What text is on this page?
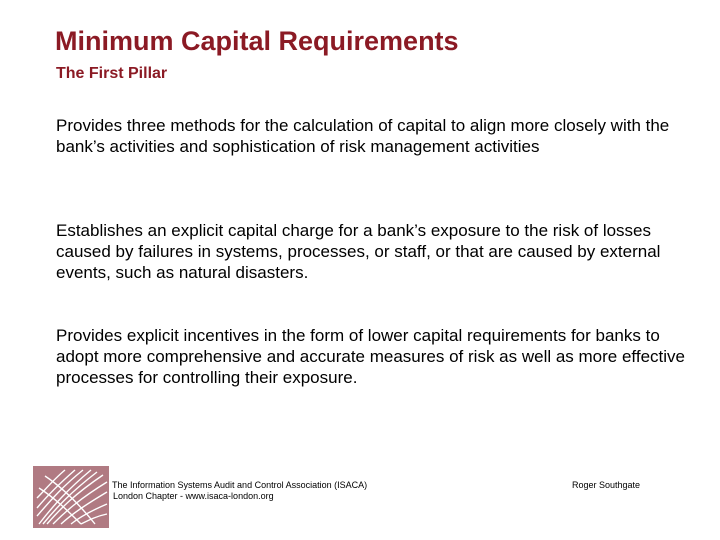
Minimum Capital Requirements
The First Pillar

Provides three methods for the calculation of capital to align more closely with the bank’s activities and sophistication of risk management activities

Establishes an explicit capital charge for a bank’s exposure to the risk of losses caused by failures in systems, processes, or staff, or that are caused by external events, such as natural disasters.

Provides explicit incentives in the form of lower capital requirements for banks to adopt more comprehensive and accurate measures of risk as well as more effective processes for controlling their exposure.

The Information Systems Audit and Control Association (ISACA)

London Chapter - www.isaca-london.org

Roger Southgate
